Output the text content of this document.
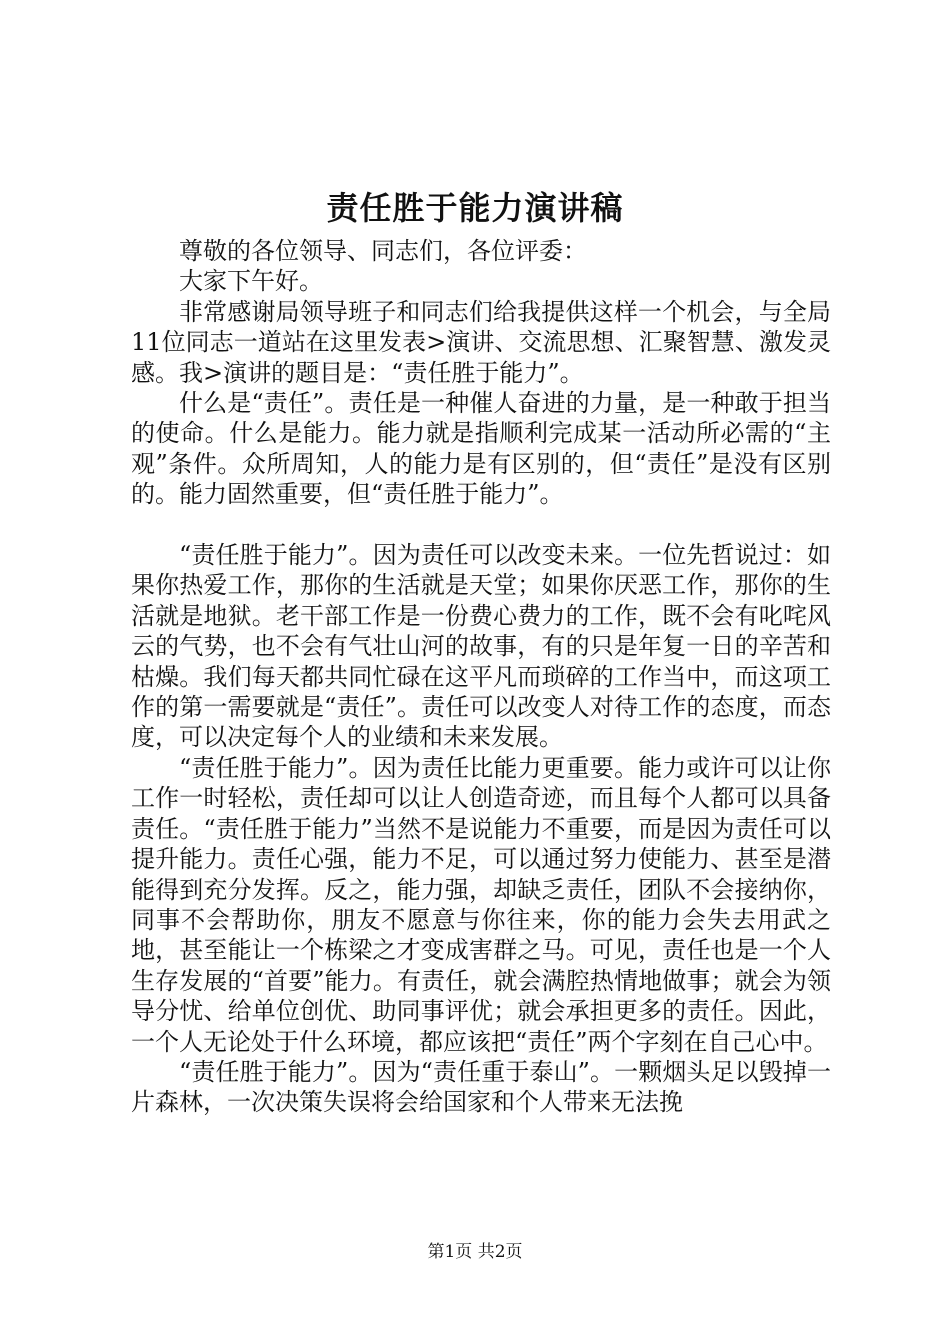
责任胜于能力演讲稿

尊敬的各位领导、同志们，各位评委：

大家下午好。

非常感谢局领导班子和同志们给我提供这样一个机会，与全局11位同志一道站在这里发表>演讲、交流思想、汇聚智慧、激发灵感。我>演讲的题目是：“责任胜于能力”。

什么是“责任”。责任是一种催人奋进的力量，是一种敢于担当的使命。什么是能力。能力就是指顺利完成某一活动所必需的“主观”条件。众所周知，人的能力是有区别的，但“责任”是没有区别的。能力固然重要，但“责任胜于能力”。

“责任胜于能力”。因为责任可以改变未来。一位先哲说过：如果你热爱工作，那你的生活就是天堂；如果你厌恶工作，那你的生活就是地狱。老干部工作是一份费心费力的工作，既不会有叱咤风云的气势，也不会有气壮山河的故事，有的只是年复一日的辛苦和枯燥。我们每天都共同忙碌在这平凡而琐碎的工作当中，而这项工作的第一需要就是“责任”。责任可以改变人对待工作的态度，而态度，可以决定每个人的业绩和未来发展。

“责任胜于能力”。因为责任比能力更重要。能力或许可以让你工作一时轻松，责任却可以让人创造奇迹，而且每个人都可以具备责任。“责任胜于能力”当然不是说能力不重要，而是因为责任可以提升能力。责任心强，能力不足，可以通过努力使能力、甚至是潜能得到充分发挥。反之，能力强，却缺乏责任，团队不会接纳你，同事不会帮助你，朋友不愿意与你往来，你的能力会失去用武之地，甚至能让一个栋梁之才变成害群之马。可见，责任也是一个人生存发展的“首要”能力。有责任，就会满腔热情地做事；就会为领导分忧、给单位创优、助同事评优；就会承担更多的责任。因此，一个人无论处于什么环境，都应该把“责任”两个字刻在自己心中。

“责任胜于能力”。因为“责任重于泰山”。一颗烟头足以毁掉一片森林，一次决策失误将会给国家和个人带来无法挽

第1页 共2页
